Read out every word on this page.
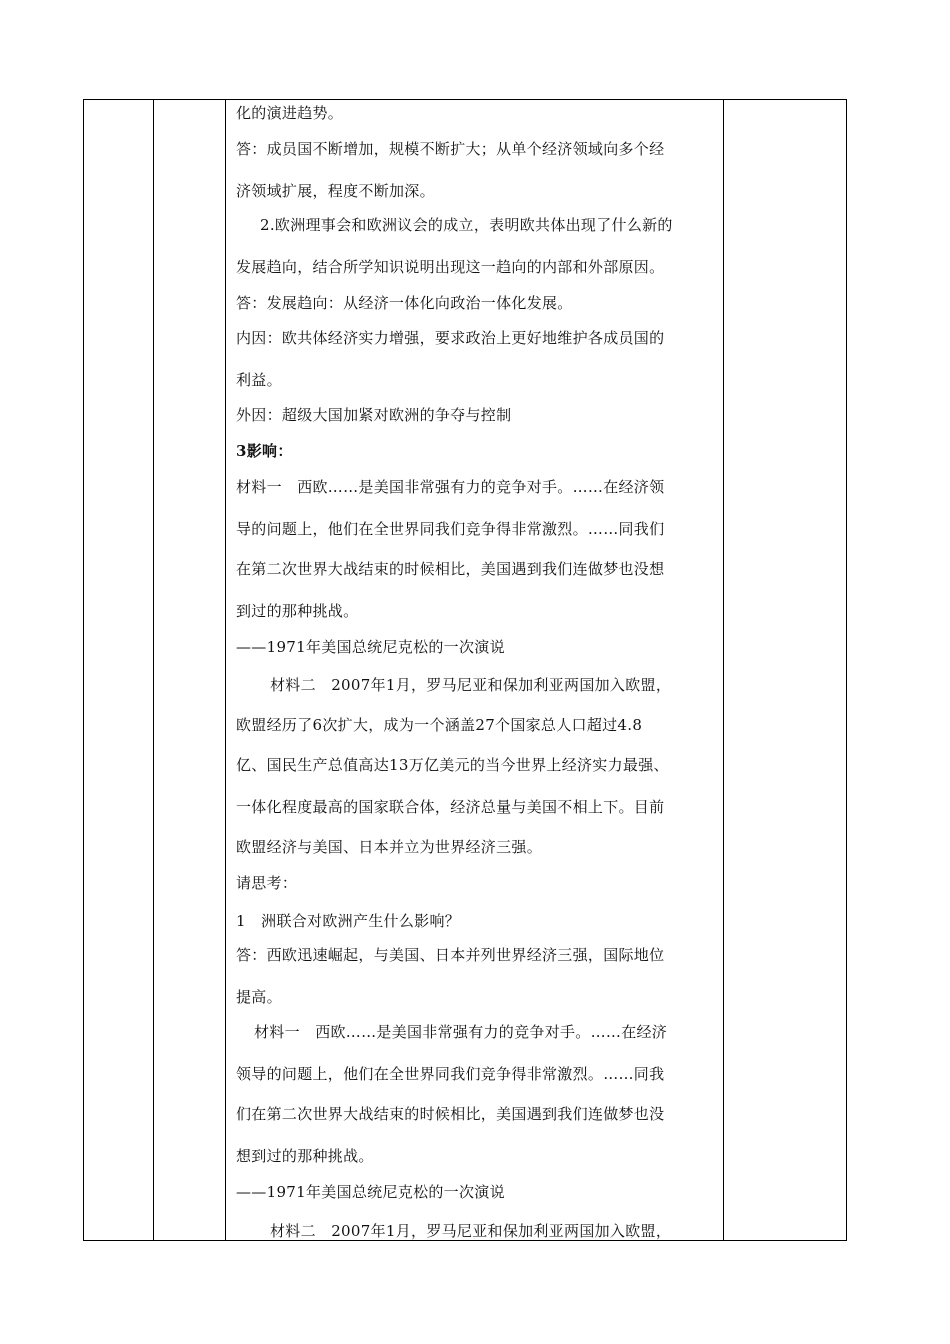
化的演进趋势。
答：成员国不断增加，规模不断扩大；从单个经济领域向多个经
济领域扩展，程度不断加深。
2.欧洲理事会和欧洲议会的成立，表明欧共体出现了什么新的
发展趋向，结合所学知识说明出现这一趋向的内部和外部原因。
答：发展趋向：从经济一体化向政治一体化发展。
内因：欧共体经济实力增强，要求政治上更好地维护各成员国的
利益。
外因：超级大国加紧对欧洲的争夺与控制
3影响：
材料一　西欧……是美国非常强有力的竞争对手。……在经济领
导的问题上，他们在全世界同我们竞争得非常激烈。……同我们
在第二次世界大战结束的时候相比，美国遇到我们连做梦也没想
到过的那种挑战。
——1971年美国总统尼克松的一次演说
材料二　2007年1月，罗马尼亚和保加利亚两国加入欧盟，
欧盟经历了6次扩大，成为一个涵盖27个国家总人口超过4.8
亿、国民生产总值高达13万亿美元的当今世界上经济实力最强、
一体化程度最高的国家联合体，经济总量与美国不相上下。目前
欧盟经济与美国、日本并立为世界经济三强。
请思考：
1　洲联合对欧洲产生什么影响？
答：西欧迅速崛起，与美国、日本并列世界经济三强，国际地位
提高。
材料一　西欧……是美国非常强有力的竞争对手。……在经济
领导的问题上，他们在全世界同我们竞争得非常激烈。……同我
们在第二次世界大战结束的时候相比，美国遇到我们连做梦也没
想到过的那种挑战。
——1971年美国总统尼克松的一次演说
材料二　2007年1月，罗马尼亚和保加利亚两国加入欧盟，
